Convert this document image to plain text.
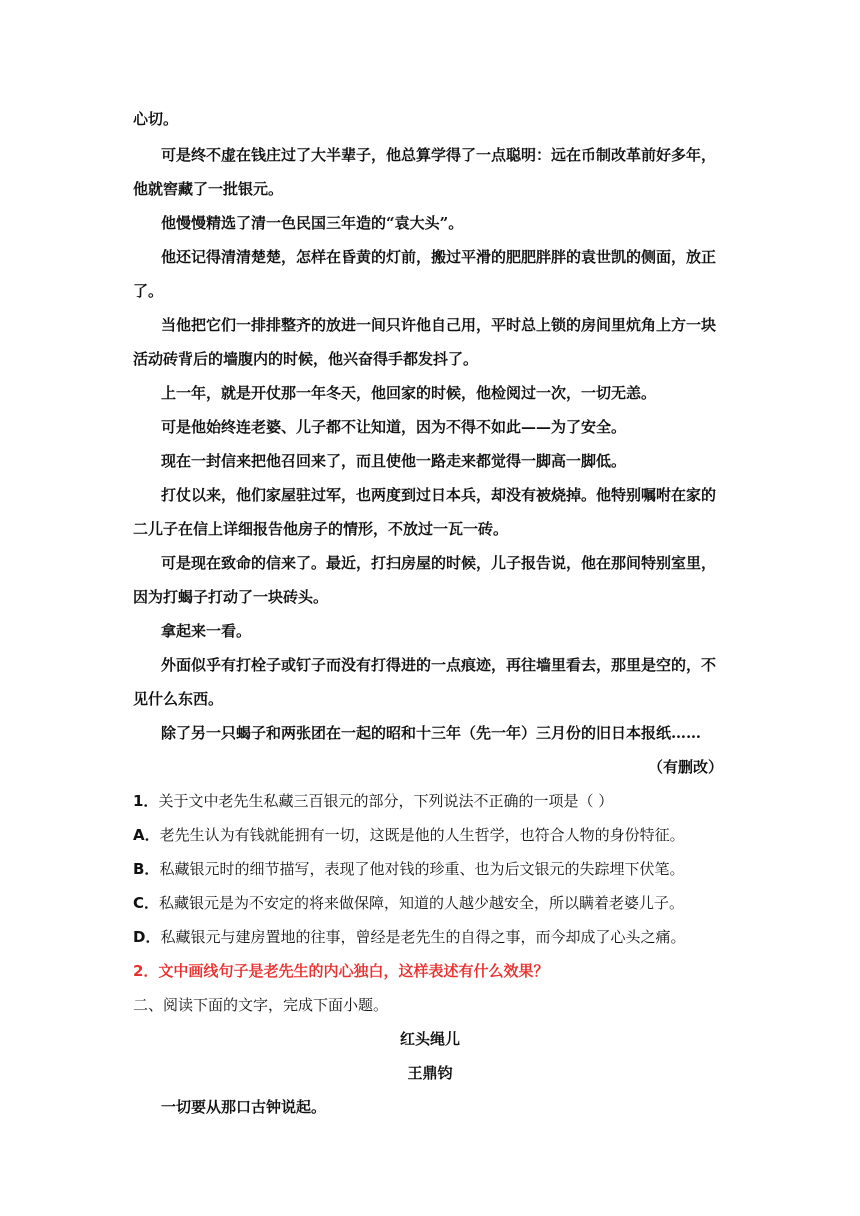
心切。
可是终不虚在钱庄过了大半辈子，他总算学得了一点聪明：远在币制改革前好多年，
他就窖藏了一批银元。
他慢慢精选了清一色民国三年造的“袁大头”。
他还记得清清楚楚，怎样在昏黄的灯前，搬过平滑的肥肥胖胖的袁世凯的侧面，放正
了。
当他把它们一排排整齐的放进一间只许他自己用，平时总上锁的房间里炕角上方一块
活动砖背后的墙腹内的时候，他兴奋得手都发抖了。
上一年，就是开仗那一年冬天，他回家的时候，他检阅过一次，一切无恙。
可是他始终连老婆、儿子都不让知道，因为不得不如此——为了安全。
现在一封信来把他召回来了，而且使他一路走来都觉得一脚高一脚低。
打仗以来，他们家屋驻过军，也两度到过日本兵，却没有被烧掉。他特别嘱咐在家的
二儿子在信上详细报告他房子的情形，不放过一瓦一砖。
可是现在致命的信来了。最近，打扫房屋的时候，儿子报告说，他在那间特别室里，
因为打蝎子打动了一块砖头。
拿起来一看。
外面似乎有打栓子或钉子而没有打得进的一点痕迹，再往墙里看去，那里是空的，不
见什么东西。
除了另一只蝎子和两张团在一起的昭和十三年（先一年）三月份的旧日本报纸……
（有删改）
1．关于文中老先生私藏三百银元的部分，下列说法不正确的一项是（ ）
A．老先生认为有钱就能拥有一切，这既是他的人生哲学，也符合人物的身份特征。
B．私藏银元时的细节描写，表现了他对钱的珍重、也为后文银元的失踪埋下伏笔。
C．私藏银元是为不安定的将来做保障，知道的人越少越安全，所以瞒着老婆儿子。
D．私藏银元与建房置地的往事，曾经是老先生的自得之事，而今却成了心头之痛。
2．文中画线句子是老先生的内心独白，这样表述有什么效果？
二、阅读下面的文字，完成下面小题。
红头绳儿
王鼎钧
一切要从那口古钟说起。
